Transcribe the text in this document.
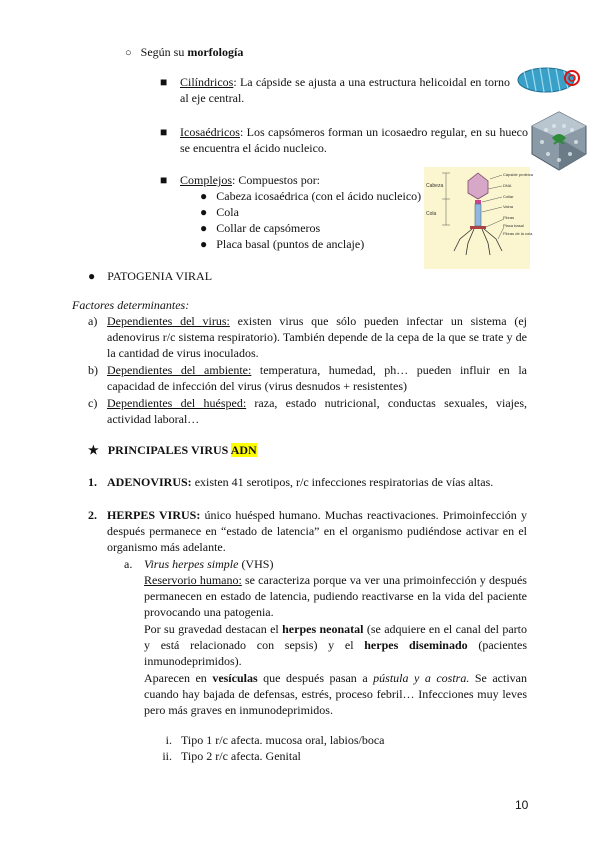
○ Según su morfología
■ Cilíndricos: La cápside se ajusta a una estructura helicoidal en torno al eje central.
■ Icosaédricos: Los capsómeros forman un icosaedro regular, en su hueco se encuentra el ácido nucleico.
■ Complejos: Compuestos por:
● Cabeza icosaédrica (con el ácido nucleico)
● Cola
● Collar de capsómeros
● Placa basal (puntos de anclaje)
Cabeza
Cola
Cápside proteica
DNA
Collar
Vaina
Fibras
Placa basal
Fibras de la cola
● PATOGENIA VIRAL
Factores determinantes:
a) Dependientes del virus: existen virus que sólo pueden infectar un sistema (ej adenovirus r/c sistema respiratorio). También depende de la cepa de la que se trate y de la cantidad de virus inoculados.
b) Dependientes del ambiente: temperatura, humedad, ph… pueden influir en la capacidad de infección del virus (virus desnudos + resistentes)
c) Dependientes del huésped: raza, estado nutricional, conductas sexuales, viajes, actividad laboral…
★ PRINCIPALES VIRUS ADN
1. ADENOVIRUS: existen 41 serotipos, r/c infecciones respiratorias de vías altas.
2. HERPES VIRUS: único huésped humano. Muchas reactivaciones. Primoinfección y después permanece en “estado de latencia” en el organismo pudiéndose activar en el organismo más adelante.
a. Virus herpes simple (VHS)
Reservorio humano: se caracteriza porque va ver una primoinfección y después permanecen en estado de latencia, pudiendo reactivarse en la vida del paciente provocando una patogenia.
Por su gravedad destacan el herpes neonatal (se adquiere en el canal del parto y está relacionado con sepsis) y el herpes diseminado (pacientes inmunodeprimidos).
Aparecen en vesículas que después pasan a pústula y a costra. Se activan cuando hay bajada de defensas, estrés, proceso febril… Infecciones muy leves pero más graves en inmunodeprimidos.
i. Tipo 1 r/c afecta. mucosa oral, labios/boca
ii. Tipo 2 r/c afecta. Genital
10
